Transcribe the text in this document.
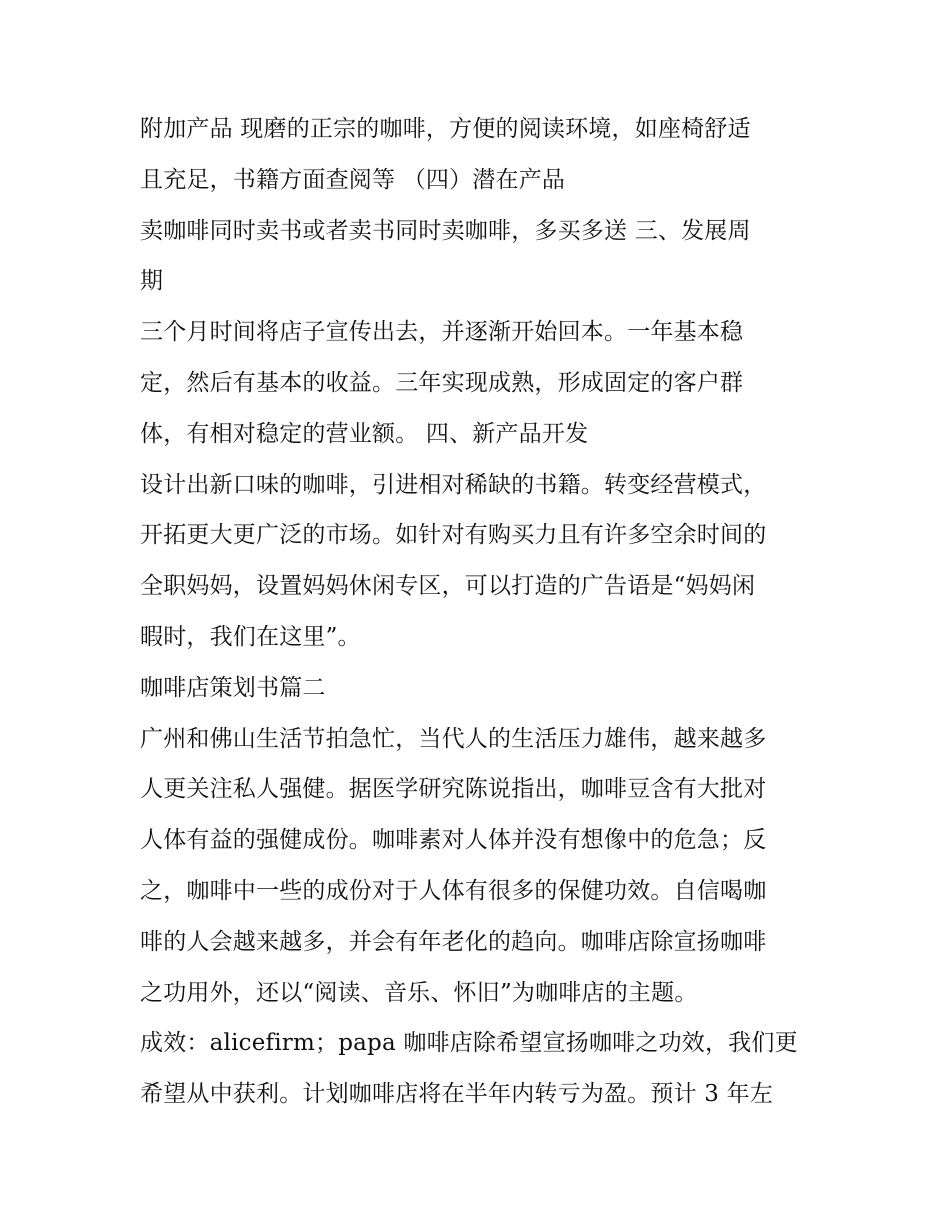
附加产品 现磨的正宗的咖啡，方便的阅读环境，如座椅舒适
且充足，书籍方面查阅等 （四）潜在产品
卖咖啡同时卖书或者卖书同时卖咖啡，多买多送 三、发展周
期
三个月时间将店子宣传出去，并逐渐开始回本。一年基本稳
定，然后有基本的收益。三年实现成熟，形成固定的客户群
体，有相对稳定的营业额。 四、新产品开发
设计出新口味的咖啡，引进相对稀缺的书籍。转变经营模式，
开拓更大更广泛的市场。如针对有购买力且有许多空余时间的
全职妈妈，设置妈妈休闲专区，可以打造的广告语是“妈妈闲
暇时，我们在这里”。
咖啡店策划书篇二
广州和佛山生活节拍急忙，当代人的生活压力雄伟，越来越多
人更关注私人强健。据医学研究陈说指出，咖啡豆含有大批对
人体有益的强健成份。咖啡素对人体并没有想像中的危急；反
之，咖啡中一些的成份对于人体有很多的保健功效。自信喝咖
啡的人会越来越多，并会有年老化的趋向。咖啡店除宣扬咖啡
之功用外，还以“阅读、音乐、怀旧”为咖啡店的主题。
成效：alicefirm；papa 咖啡店除希望宣扬咖啡之功效，我们更
希望从中获利。计划咖啡店将在半年内转亏为盈。预计 3 年左
